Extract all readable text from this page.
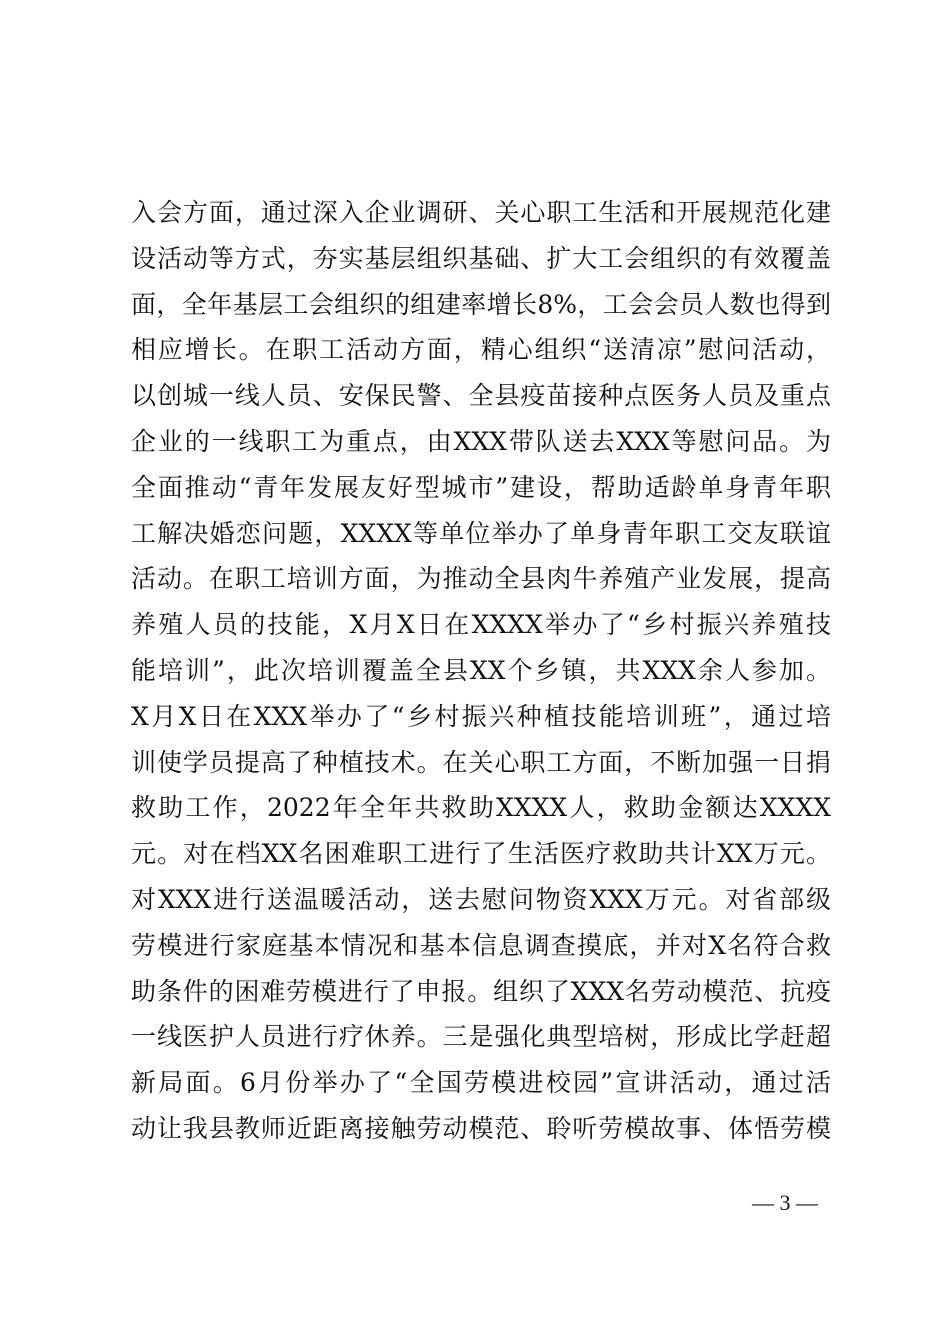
入会方面，通过深入企业调研、关心职工生活和开展规范化建
设活动等方式，夯实基层组织基础、扩大工会组织的有效覆盖
面，全年基层工会组织的组建率增长8%，工会会员人数也得到
相应增长。在职工活动方面，精心组织“送清凉”慰问活动，
以创城一线人员、安保民警、全县疫苗接种点医务人员及重点
企业的一线职工为重点，由XXX带队送去XXX等慰问品。为
全面推动“青年发展友好型城市”建设，帮助适龄单身青年职
工解决婚恋问题，XXXX等单位举办了单身青年职工交友联谊
活动。在职工培训方面，为推动全县肉牛养殖产业发展，提高
养殖人员的技能，X月X日在XXXX举办了“乡村振兴养殖技
能培训”，此次培训覆盖全县XX个乡镇，共XXX余人参加。
X月X日在XXX举办了“乡村振兴种植技能培训班”，通过培
训使学员提高了种植技术。在关心职工方面，不断加强一日捐
救助工作，2022年全年共救助XXXX人，救助金额达XXXX
元。对在档XX名困难职工进行了生活医疗救助共计XX万元。
对XXX进行送温暖活动，送去慰问物资XXX万元。对省部级
劳模进行家庭基本情况和基本信息调查摸底，并对X名符合救
助条件的困难劳模进行了申报。组织了XXX名劳动模范、抗疫
一线医护人员进行疗休养。三是强化典型培树，形成比学赶超
新局面。6月份举办了“全国劳模进校园”宣讲活动，通过活
动让我县教师近距离接触劳动模范、聆听劳模故事、体悟劳模
— 3 —
